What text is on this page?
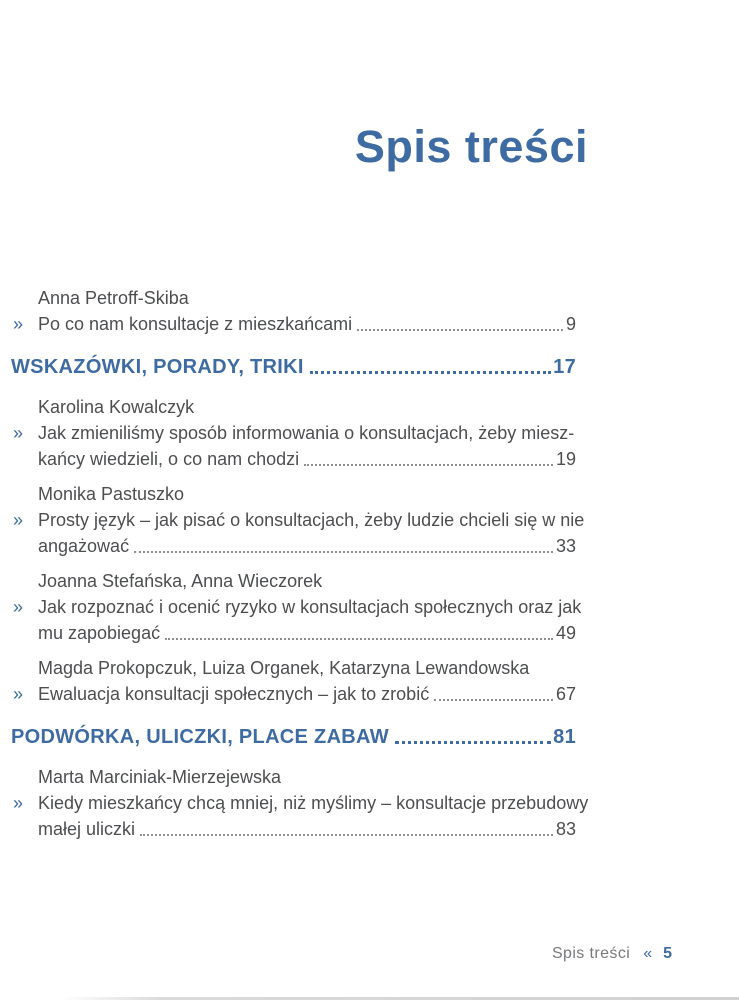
Spis treści
Anna Petroff-Skiba
» Po co nam konsultacje z mieszkańcami	9
WSKAZÓWKI, PORADY, TRIKI	17
Karolina Kowalczyk
» Jak zmieniliśmy sposób informowania o konsultacjach, żeby miesz-
kańcy wiedzieli, o co nam chodzi	19
Monika Pastuszko
» Prosty język – jak pisać o konsultacjach, żeby ludzie chcieli się w nie
angażować	33
Joanna Stefańska, Anna Wieczorek
» Jak rozpoznać i ocenić ryzyko w konsultacjach społecznych oraz jak
mu zapobiegać	49
Magda Prokopczuk, Luiza Organek, Katarzyna Lewandowska
» Ewaluacja konsultacji społecznych – jak to zrobić	67
PODWÓRKA, ULICZKI, PLACE ZABAW	81
Marta Marciniak-Mierzejewska
» Kiedy mieszkańcy chcą mniej, niż myślimy – konsultacje przebudowy
małej uliczki	83
Spis treści « 5
